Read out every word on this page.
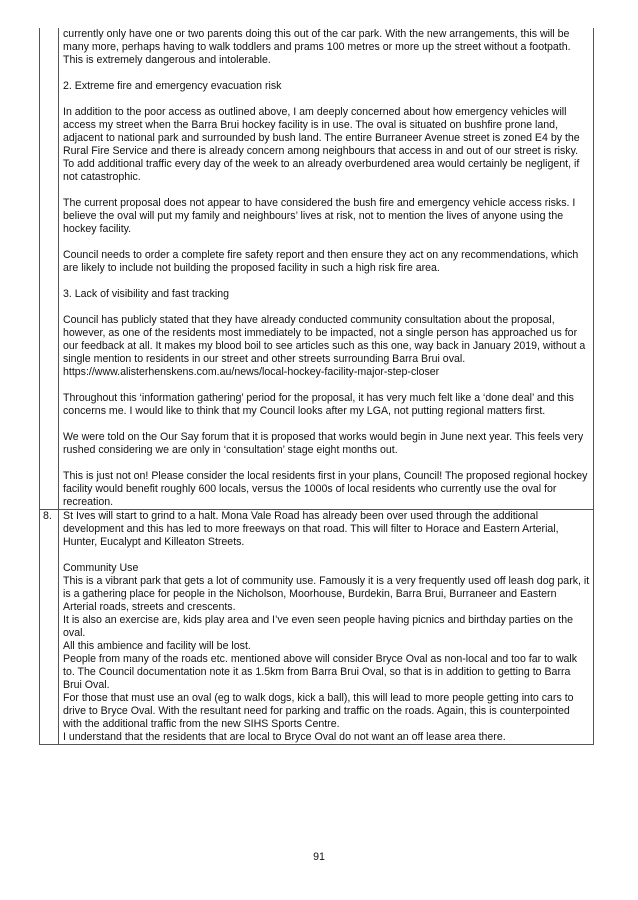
currently only have one or two parents doing this out of the car park. With the new arrangements, this will be many more, perhaps having to walk toddlers and prams 100 metres or more up the street without a footpath. This is extremely dangerous and intolerable.

2. Extreme fire and emergency evacuation risk

In addition to the poor access as outlined above, I am deeply concerned about how emergency vehicles will access my street when the Barra Brui hockey facility is in use. The oval is situated on bushfire prone land, adjacent to national park and surrounded by bush land. The entire Burraneer Avenue street is zoned E4 by the Rural Fire Service and there is already concern among neighbours that access in and out of our street is risky. To add additional traffic every day of the week to an already overburdened area would certainly be negligent, if not catastrophic.

The current proposal does not appear to have considered the bush fire and emergency vehicle access risks. I believe the oval will put my family and neighbours’ lives at risk, not to mention the lives of anyone using the hockey facility.

Council needs to order a complete fire safety report and then ensure they act on any recommendations, which are likely to include not building the proposed facility in such a high risk fire area.

3. Lack of visibility and fast tracking

Council has publicly stated that they have already conducted community consultation about the proposal, however, as one of the residents most immediately to be impacted, not a single person has approached us for our feedback at all. It makes my blood boil to see articles such as this one, way back in January 2019, without a single mention to residents in our street and other streets surrounding Barra Brui oval. https://www.alisterhenskens.com.au/news/local-hockey-facility-major-step-closer

Throughout this ‘information gathering’ period for the proposal, it has very much felt like a ‘done deal’ and this concerns me. I would like to think that my Council looks after my LGA, not putting regional matters first.

We were told on the Our Say forum that it is proposed that works would begin in June next year. This feels very rushed considering we are only in ‘consultation’ stage eight months out.

This is just not on! Please consider the local residents first in your plans, Council! The proposed regional hockey facility would benefit roughly 600 locals, versus the 1000s of local residents who currently use the oval for recreation.

8.	St Ives will start to grind to a halt. Mona Vale Road has already been over used through the additional development and this has led to more freeways on that road. This will filter to Horace and Eastern Arterial, Hunter, Eucalypt and Killeaton Streets.

Community Use

This is a vibrant park that gets a lot of community use. Famously it is a very frequently used off leash dog park, it is a gathering place for people in the Nicholson, Moorhouse, Burdekin, Barra Brui, Burraneer and Eastern Arterial roads, streets and crescents.

It is also an exercise are, kids play area and I’ve even seen people having picnics and birthday parties on the oval.

All this ambience and facility will be lost.

People from many of the roads etc. mentioned above will consider Bryce Oval as non-local and too far to walk to. The Council documentation note it as 1.5km from Barra Brui Oval, so that is in addition to getting to Barra Brui Oval.

For those that must use an oval (eg to walk dogs, kick a ball), this will lead to more people getting into cars to drive to Bryce Oval. With the resultant need for parking and traffic on the roads. Again, this is counterpointed with the additional traffic from the new SIHS Sports Centre.

I understand that the residents that are local to Bryce Oval do not want an off lease area there.

91
